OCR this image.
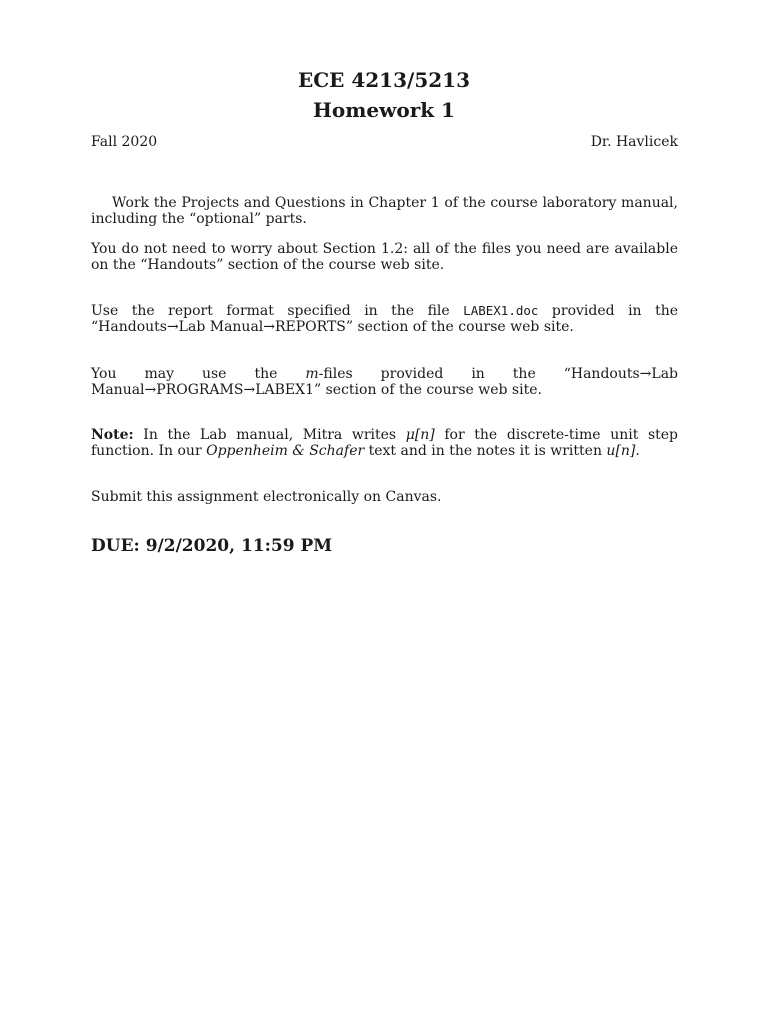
ECE 4213/5213
Homework 1
Fall 2020	Dr. Havlicek
Work the Projects and Questions in Chapter 1 of the course laboratory manual, including the “optional” parts.
You do not need to worry about Section 1.2: all of the files you need are available on the “Handouts” section of the course web site.
Use the report format specified in the file LABEX1.doc provided in the “Handouts→Lab Manual→REPORTS” section of the course web site.
You may use the m-files provided in the “Handouts→Lab Manual→PROGRAMS→LABEX1” section of the course web site.
Note: In the Lab manual, Mitra writes μ[n] for the discrete-time unit step function. In our Oppenheim & Schafer text and in the notes it is written u[n].
Submit this assignment electronically on Canvas.
DUE: 9/2/2020, 11:59 PM
